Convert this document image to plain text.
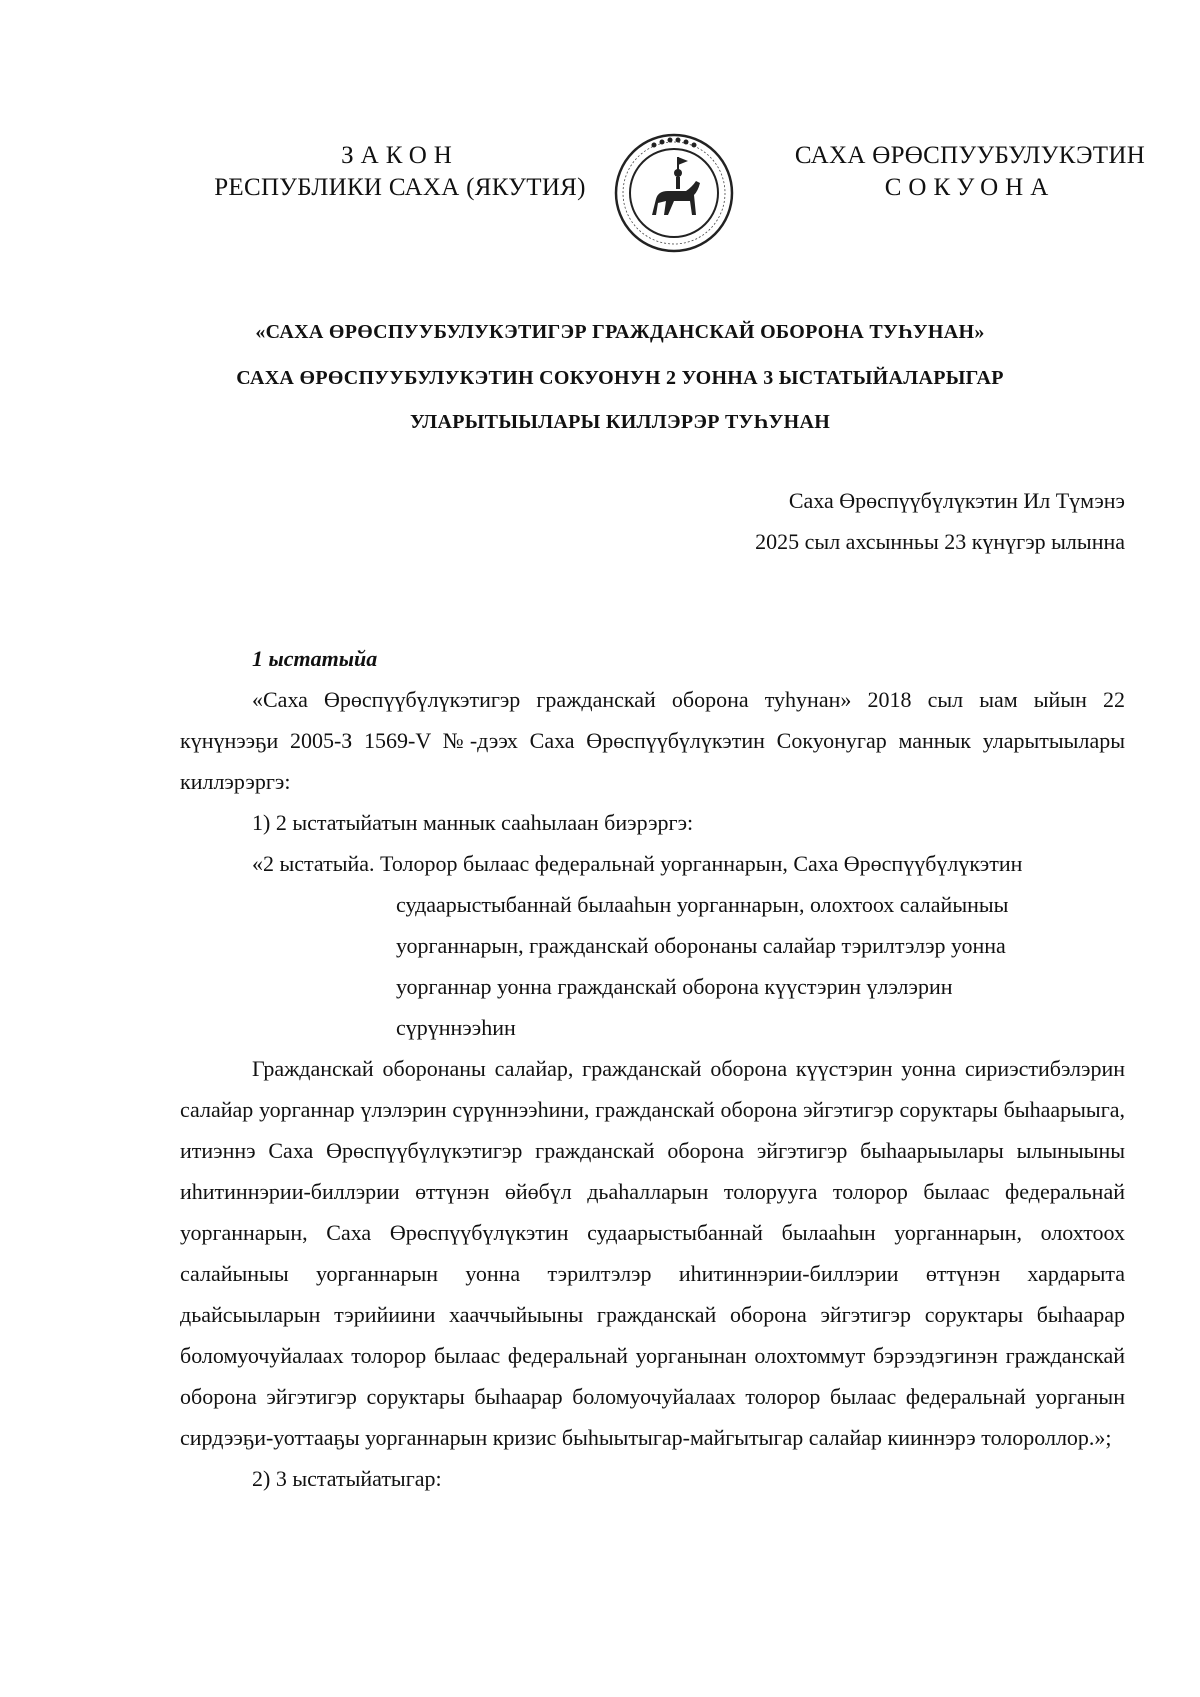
ЗАКОН
РЕСПУБЛИКИ САХА (ЯКУТИЯ)
САХА ӨРӨСПУУБУЛУКЭТИН
СОКУОНА
«САХА ӨРӨСПУУБУЛУКЭТИГЭР ГРАЖДАНСКАЙ ОБОРОНА ТУҺУНАН»
САХА ӨРӨСПУУБУЛУКЭТИН СОКУОНУН 2 УОННА 3 ЫСТАТЫЙАЛАРЫГАР
УЛАРЫТЫЫЛАРЫ КИЛЛЭРЭР ТУҺУНАН
Саха Өрөспүүбүлүкэтин Ил Түмэнэ
2025 сыл ахсынньы 23 күнүгэр ылынна
1 ыстатыйа

«Саха Өрөспүүбүлүкэтигэр гражданскай оборона туһунан» 2018 сыл ыам ыйын 22 күнүнээҕи 2005-З 1569-V №-дээх Саха Өрөспүүбүлүкэтин Сокуонугар маннык уларытыылары киллэрэргэ:

1) 2 ыстатыйатын маннык сааһылаан биэрэргэ:
«2 ыстатыйа. Толорор былаас федеральнай уорганнарын, Саха Өрөспүүбүлүкэтин
судаарыстыбаннай былааһын уорганнарын, олохтоох салайыныы
уорганнарын, гражданскай оборонаны салайар тэрилтэлэр уонна
уорганнар уонна гражданскай оборона күүстэрин үлэлэрин
сүрүннээһин

Гражданскай оборонаны салайар, гражданскай оборона күүстэрин уонна сириэстибэлэрин салайар уорганнар үлэлэрин сүрүннээһини, гражданскай оборона эйгэтигэр соруктары быһаарыыга, итиэннэ Саха Өрөспүүбүлүкэтигэр гражданскай оборона эйгэтигэр быһаарыылары ылыныыны иһитиннэрии-биллэрии өттүнэн өйөбүл дьаһалларын толорууга толорор былаас федеральнай уорганнарын, Саха Өрөспүүбүлүкэтин судаарыстыбаннай былааһын уорганнарын, олохтоох салайыныы уорганнарын уонна тэрилтэлэр иһитиннэрии-биллэрии өттүнэн хардарыта дьайсыыларын тэрийиини хааччыйыыны гражданскай оборона эйгэтигэр соруктары быһаарар боломуочуйалаах толорор былаас федеральнай уорганынан олохтоммут бэрээдэгинэн гражданскай оборона эйгэтигэр соруктары быһаарар боломуочуйалаах толорор былаас федеральнай уорганын сирдээҕи-уоттааҕы уорганнарын кризис быһыытыгар-майгытыгар салайар кииннэрэ толороллор.»;

2) 3 ыстатыйатыгар:
